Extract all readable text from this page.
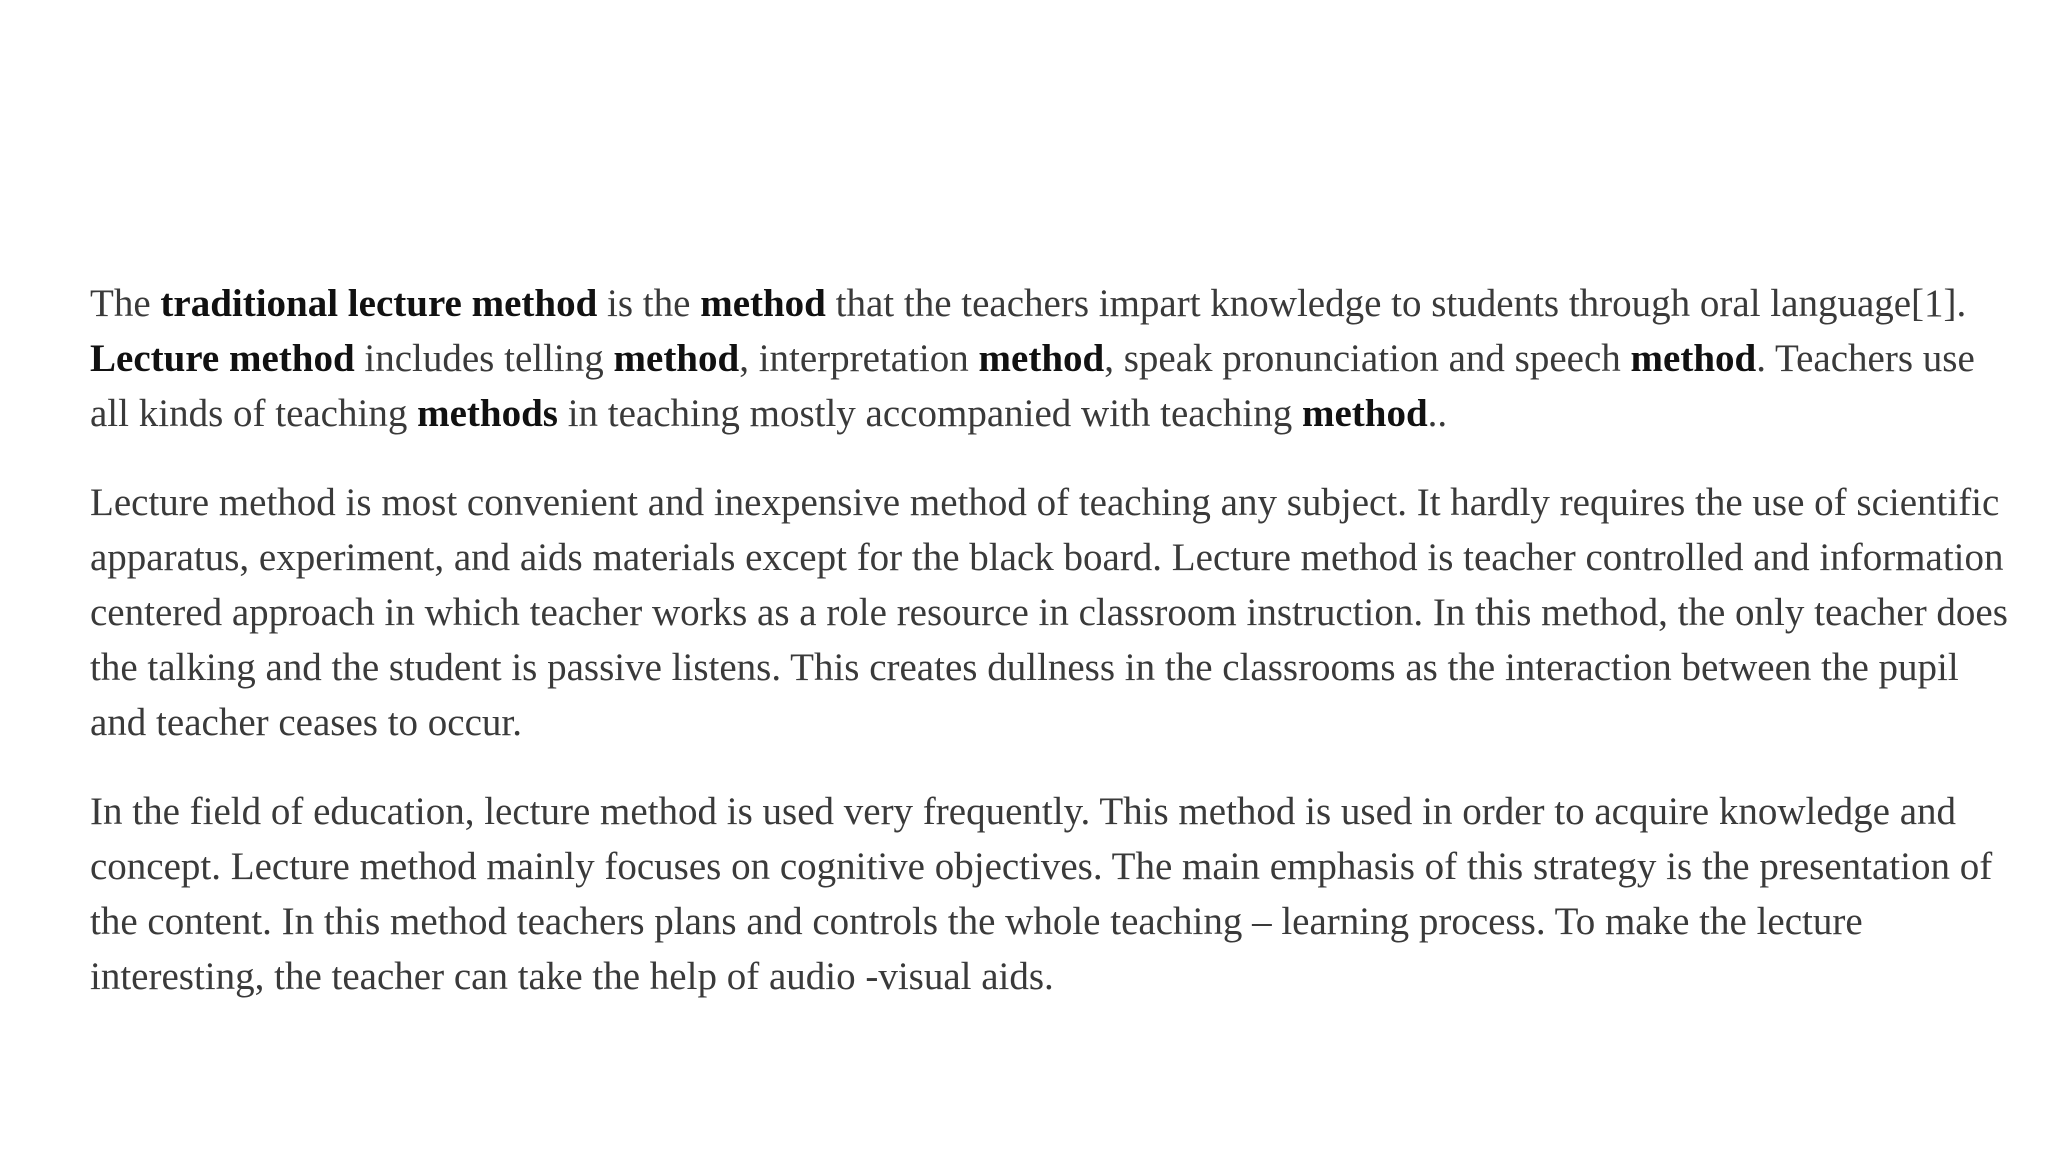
The traditional lecture method is the method that the teachers impart knowledge to students through oral language[1]. Lecture method includes telling method, interpretation method, speak pronunciation and speech method. Teachers use all kinds of teaching methods in teaching mostly accompanied with teaching method..

Lecture method is most convenient and inexpensive method of teaching any subject. It hardly requires the use of scientific apparatus, experiment, and aids materials except for the black board. Lecture method is teacher controlled and information centered approach in which teacher works as a role resource in classroom instruction. In this method, the only teacher does the talking and the student is passive listens. This creates dullness in the classrooms as the interaction between the pupil and teacher ceases to occur.

In the field of education, lecture method is used very frequently. This method is used in order to acquire knowledge and concept. Lecture method mainly focuses on cognitive objectives. The main emphasis of this strategy is the presentation of the content. In this method teachers plans and controls the whole teaching – learning process. To make the lecture interesting, the teacher can take the help of audio -visual aids.
